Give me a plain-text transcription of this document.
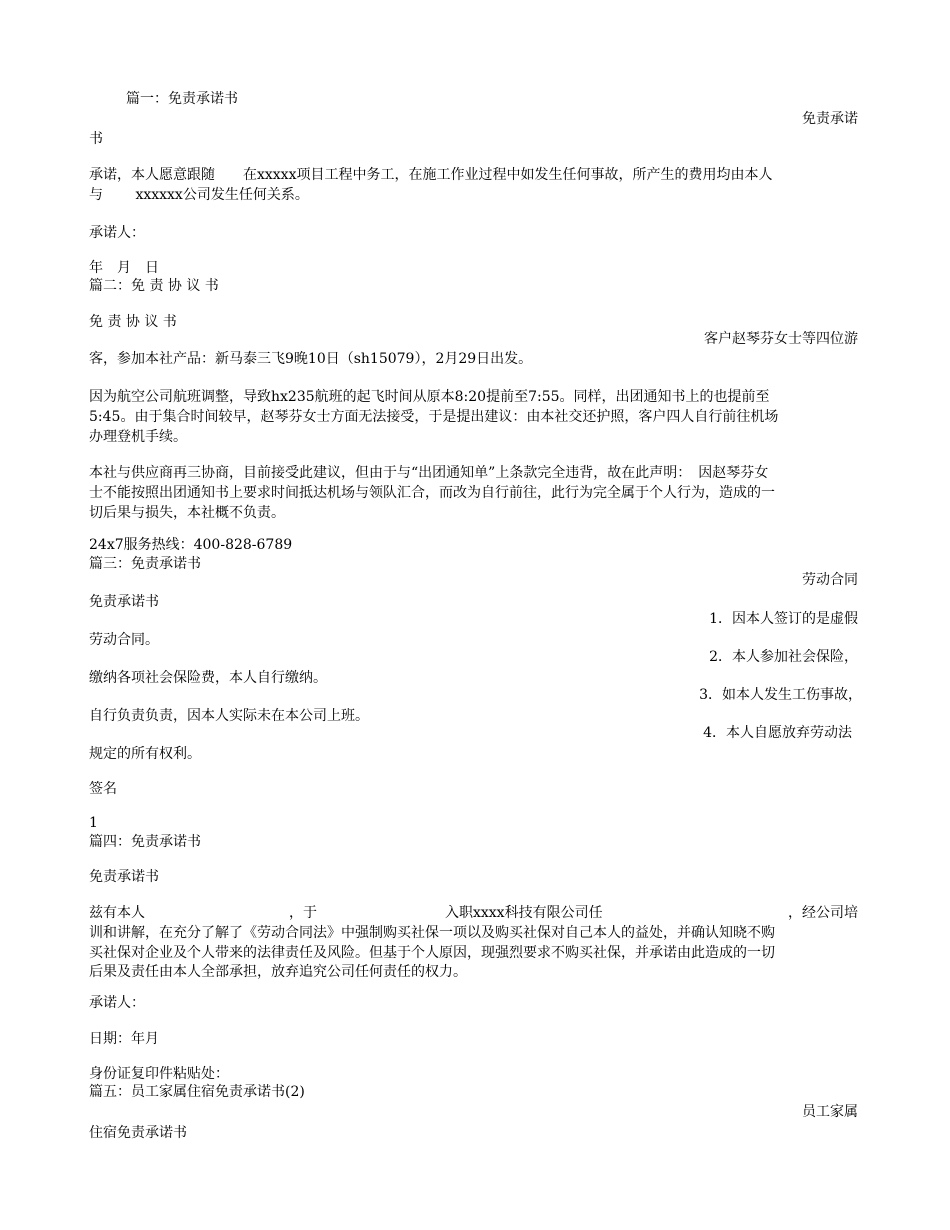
篇一：免责承诺书
免责承诺
书
承诺，本人愿意跟随　　在xxxxx项目工程中务工，在施工作业过程中如发生任何事故，所产生的费用均由本人
与　　 xxxxxx公司发生任何关系。
承诺人：
年　月　日
篇二：免 责 协 议 书
免 责 协 议 书
客户赵琴芬女士等四位游
客，参加本社产品：新马泰三飞9晚10日（sh15079），2月29日出发。
因为航空公司航班调整，导致hx235航班的起飞时间从原本8:20提前至7:55。同样，出团通知书上的也提前至
5:45。由于集合时间较早，赵琴芬女士方面无法接受，于是提出建议：由本社交还护照，客户四人自行前往机场
办理登机手续。
本社与供应商再三协商，目前接受此建议，但由于与“出团通知单”上条款完全违背，故在此声明：　因赵琴芬女
士不能按照出团通知书上要求时间抵达机场与领队汇合，而改为自行前往，此行为完全属于个人行为，造成的一
切后果与损失，本社概不负责。
24x7服务热线：400-828-6789
篇三：免责承诺书
劳动合同
免责承诺书
1．因本人签订的是虚假
劳动合同。
2．本人参加社会保险，
缴纳各项社会保险费，本人自行缴纳。
3．如本人发生工伤事故，
自行负责负责，因本人实际未在本公司上班。
4．本人自愿放弃劳动法
规定的所有权利。
签名
1
篇四：免责承诺书
免责承诺书
兹有本人	，于	入职xxxx科技有限公司任	，经公司培
训和讲解，在充分了解了《劳动合同法》中强制购买社保一项以及购买社保对自己本人的益处，并确认知晓不购
买社保对企业及个人带来的法律责任及风险。但基于个人原因，现强烈要求不购买社保，并承诺由此造成的一切
后果及责任由本人全部承担，放弃追究公司任何责任的权力。
承诺人：
日期：年月
身份证复印件粘贴处：
篇五：员工家属住宿免责承诺书(2)
员工家属
住宿免责承诺书
